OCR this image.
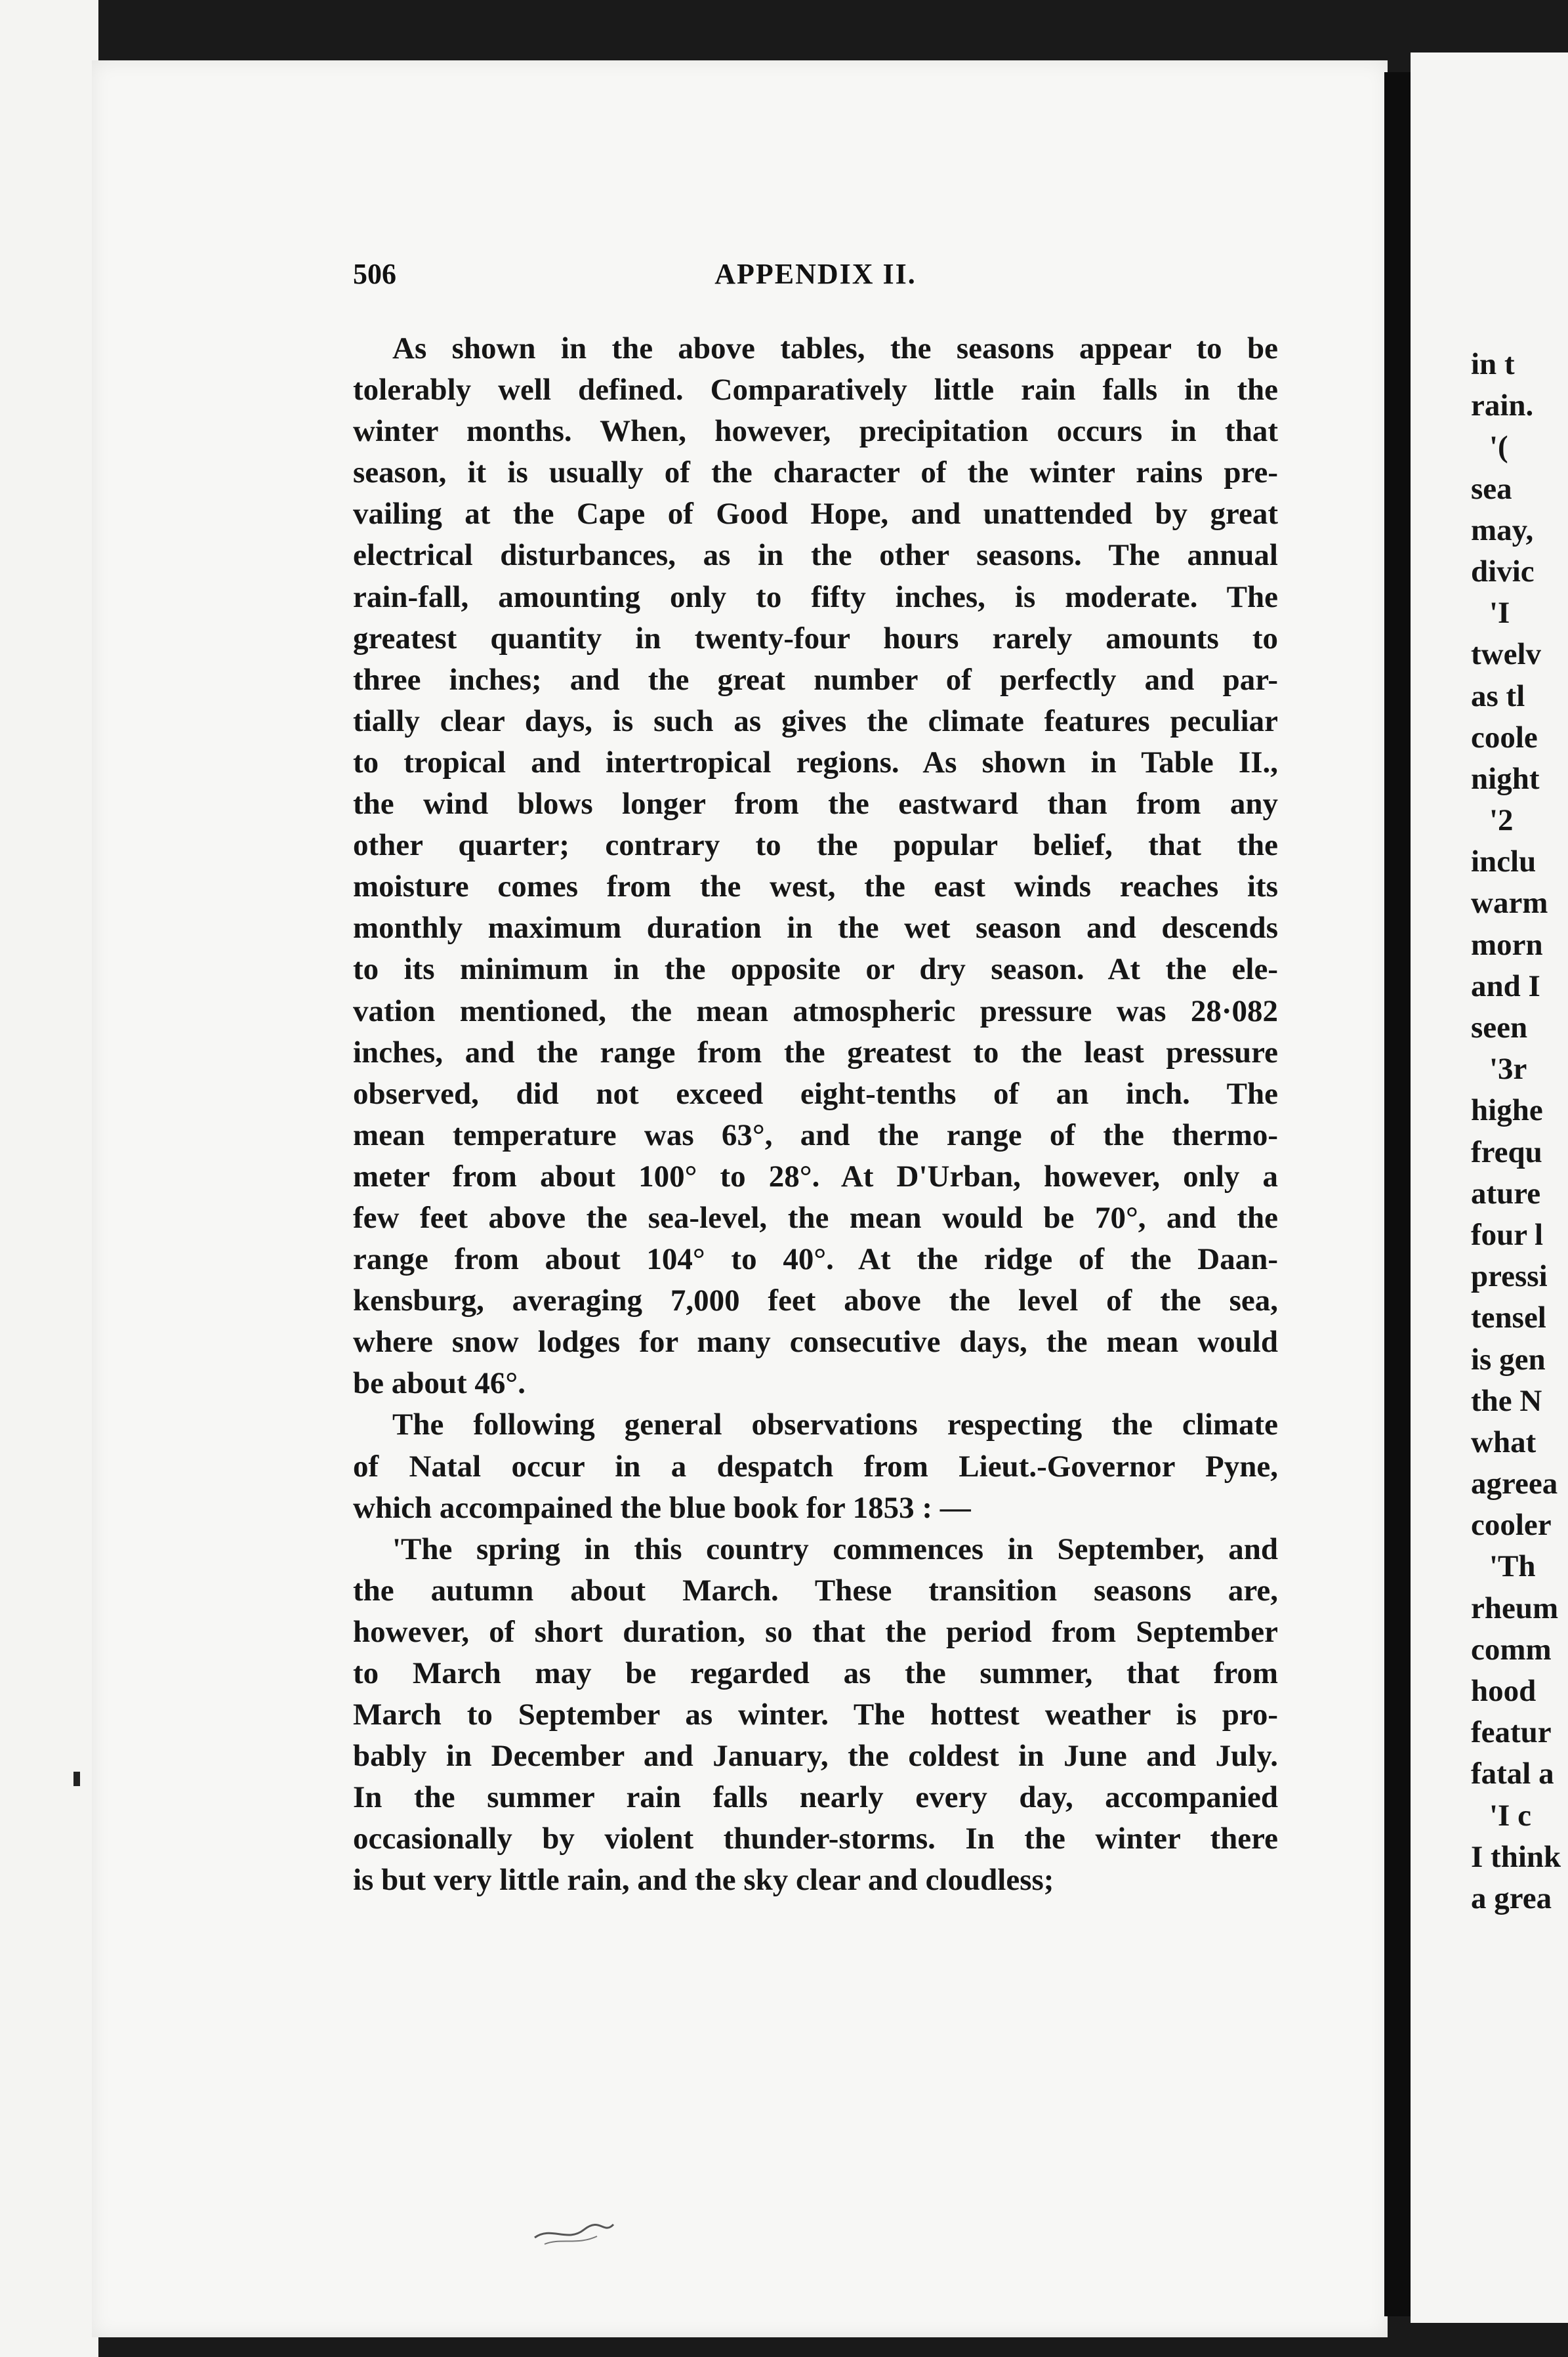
506	APPENDIX II.
As shown in the above tables, the seasons appear to be
tolerably well defined. Comparatively little rain falls in the
winter months. When, however, precipitation occurs in that
season, it is usually of the character of the winter rains pre-
vailing at the Cape of Good Hope, and unattended by great
electrical disturbances, as in the other seasons. The annual
rain-fall, amounting only to fifty inches, is moderate. The
greatest quantity in twenty-four hours rarely amounts to
three inches; and the great number of perfectly and par-
tially clear days, is such as gives the climate features peculiar
to tropical and intertropical regions. As shown in Table II.,
the wind blows longer from the eastward than from any
other quarter; contrary to the popular belief, that the
moisture comes from the west, the east winds reaches its
monthly maximum duration in the wet season and descends
to its minimum in the opposite or dry season. At the ele-
vation mentioned, the mean atmospheric pressure was 28·082
inches, and the range from the greatest to the least pressure
observed, did not exceed eight-tenths of an inch. The
mean temperature was 63°, and the range of the thermo-
meter from about 100° to 28°. At D'Urban, however, only a
few feet above the sea-level, the mean would be 70°, and the
range from about 104° to 40°. At the ridge of the Daan-
kensburg, averaging 7,000 feet above the level of the sea,
where snow lodges for many consecutive days, the mean would
be about 46°.
The following general observations respecting the climate
of Natal occur in a despatch from Lieut.-Governor Pyne,
which accompained the blue book for 1853 : —
'The spring in this country commences in September, and
the autumn about March. These transition seasons are,
however, of short duration, so that the period from September
to March may be regarded as the summer, that from
March to September as winter. The hottest weather is pro-
bably in December and January, the coldest in June and July.
In the summer rain falls nearly every day, accompanied
occasionally by violent thunder-storms. In the winter there
is but very little rain, and the sky clear and cloudless;
in t
rain.
'(
sea
may,
divic
'I
twelv
as tl
coole
night
'2
inclu
warm
morn
and I
seen
'3r
highe
frequ
ature
four l
pressi
tensel
is gen
the N
what
agreea
cooler
'Th
rheum
comm
hood
featur
fatal a
'I c
I think
a grea
